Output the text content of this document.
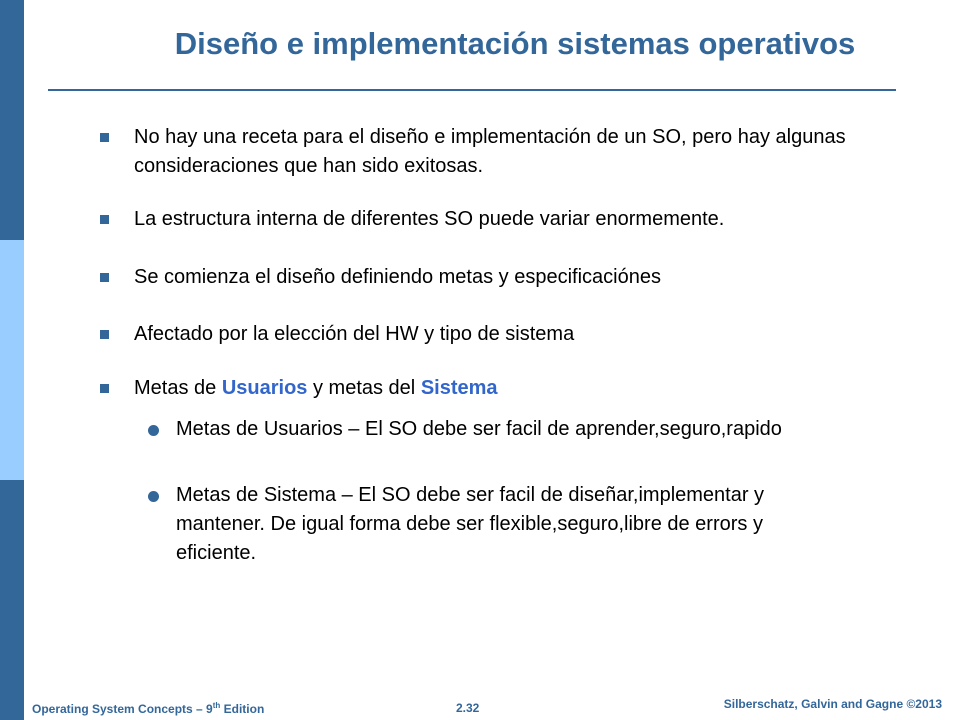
Diseño e implementación sistemas operativos
No hay una receta para el diseño e implementación de un SO, pero hay algunas consideraciones que han sido exitosas.
La estructura interna de diferentes SO puede variar enormemente.
Se comienza el diseño definiendo metas y especificaciónes
Afectado por la elección del HW y tipo de sistema
Metas de Usuarios y metas del Sistema
Metas de Usuarios – El SO debe ser facil de aprender,seguro,rapido
Metas de Sistema – El SO debe ser facil de diseñar,implementar y mantener. De igual forma debe ser flexible,seguro,libre de errors y eficiente.
Operating System Concepts – 9th Edition	2.32	Silberschatz, Galvin and Gagne ©2013
